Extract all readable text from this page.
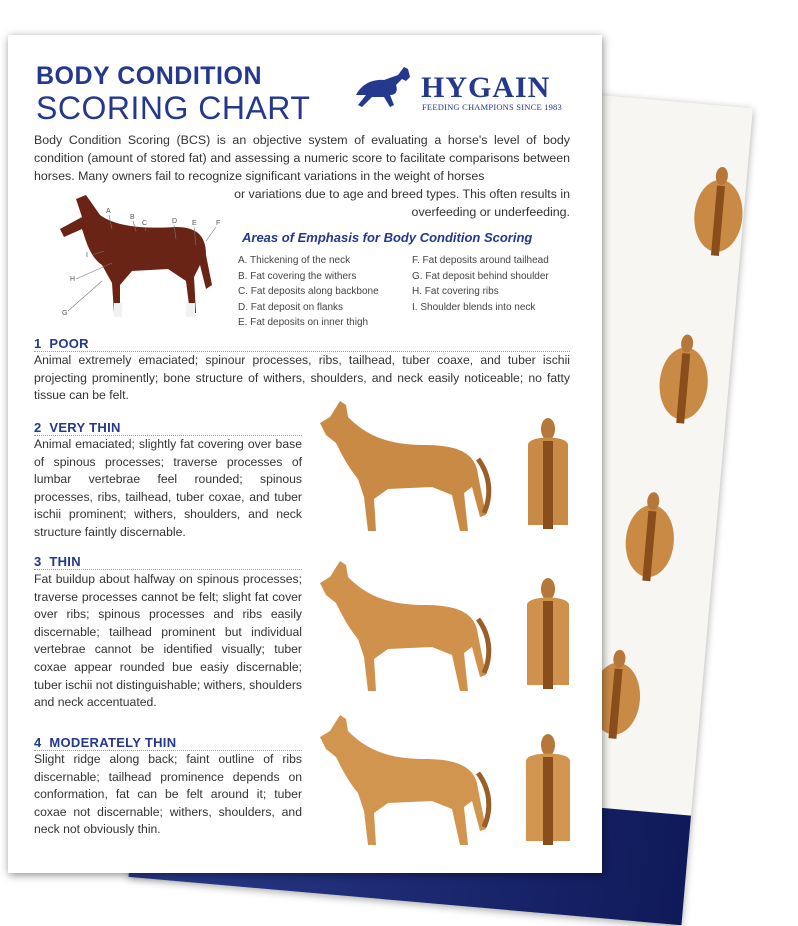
BODY CONDITION
SCORING CHART
HYGAIN
FEEDING CHAMPIONS SINCE 1983
Body Condition Scoring (BCS) is an objective system of evaluating a horse's level of body condition (amount of stored fat) and assessing a numeric score to facilitate comparisons between horses. Many owners fail to recognize significant variations in the weight of horses
or variations due to age and breed types. This often results in overfeeding or underfeeding.
A
B
C	D E	F
G
H
I
Areas of Emphasis for Body Condition Scoring
A. Thickening of the neck
B. Fat covering the withers
C. Fat deposits along backbone
D. Fat deposit on flanks
E. Fat deposits on inner thigh
F. Fat deposits around tailhead
G. Fat deposit behind shoulder
H. Fat covering ribs
I. Shoulder blends into neck
1 POOR
Animal extremely emaciated; spinour processes, ribs, tailhead, tuber coaxe, and tuber ischii projecting prominently; bone structure of withers, shoulders, and neck easily noticeable; no fatty tissue can be felt.
2 VERY THIN
Animal emaciated; slightly fat covering over base of spinous processes; traverse processes of lumbar vertebrae feel rounded; spinous processes, ribs, tailhead, tuber coxae, and tuber ischii prominent; withers, shoulders, and neck structure faintly discernable.
3 THIN
Fat buildup about halfway on spinous processes; traverse processes cannot be felt; slight fat cover over ribs; spinous processes and ribs easily discernable; tailhead prominent but individual vertebrae cannot be identified visually; tuber coxae appear rounded bue easiy discernable; tuber ischii not distinguishable; withers, shoulders and neck accentuated.
4 MODERATELY THIN
Slight ridge along back; faint outline of ribs discernable; tailhead prominence depends on conformation, fat can be felt around it; tuber coxae not discernable; withers, shoulders, and neck not obviously thin.
